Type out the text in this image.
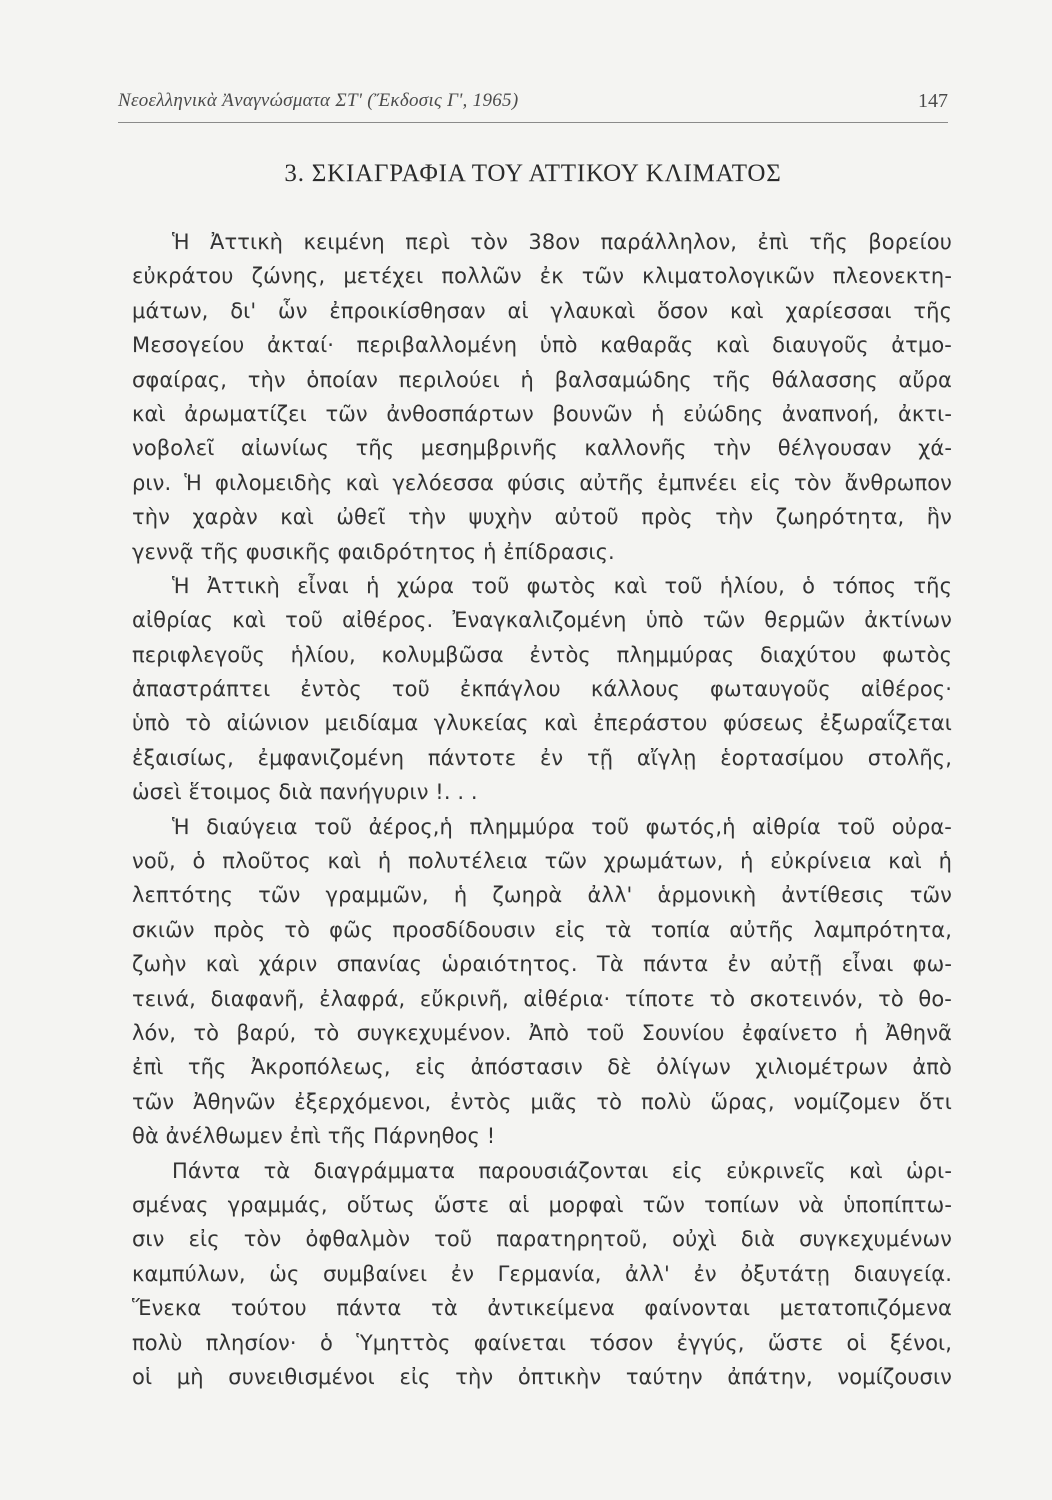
Νεοελληνικὰ Ἀναγνώσματα ΣΤ' (Ἔκδοσις Γ', 1965)	147
3. ΣΚΙΑΓΡΑΦΙΑ ΤΟΥ ΑΤΤΙΚΟΥ ΚΛΙΜΑΤΟΣ
Ἡ Ἀττικὴ κειμένη περὶ τὸν 38ον παράλληλον, ἐπὶ τῆς βορείου
εὐκράτου ζώνης, μετέχει πολλῶν ἐκ τῶν κλιματολογικῶν πλεονεκτη-
μάτων, δι' ὧν ἐπροικίσθησαν αἱ γλαυκαὶ ὅσον καὶ χαρίεσσαι τῆς
Μεσογείου ἀκταί· περιβαλλομένη ὑπὸ καθαρᾶς καὶ διαυγοῦς ἀτμο-
σφαίρας, τὴν ὁποίαν περιλούει ἡ βαλσαμώδης τῆς θάλασσης αὔρα
καὶ ἀρωματίζει τῶν ἀνθοσπάρτων βουνῶν ἡ εὐώδης ἀναπνοή, ἀκτι-
νοβολεῖ αἰωνίως τῆς μεσημβρινῆς καλλονῆς τὴν θέλγουσαν χά-
ριν. Ἡ φιλομειδὴς καὶ γελόεσσα φύσις αὐτῆς ἐμπνέει εἰς τὸν ἄνθρωπον
τὴν χαρὰν καὶ ὠθεῖ τὴν ψυχὴν αὐτοῦ πρὸς τὴν ζωηρότητα, ἣν
γεννᾷ τῆς φυσικῆς φαιδρότητος ἡ ἐπίδρασις.
Ἡ Ἀττικὴ εἶναι ἡ χώρα τοῦ φωτὸς καὶ τοῦ ἡλίου, ὁ τόπος τῆς
αἰθρίας καὶ τοῦ αἰθέρος. Ἐναγκαλιζομένη ὑπὸ τῶν θερμῶν ἀκτίνων
περιφλεγοῦς ἡλίου, κολυμβῶσα ἐντὸς πλημμύρας διαχύτου φωτὸς
ἀπαστράπτει ἐντὸς τοῦ ἐκπάγλου κάλλους φωταυγοῦς αἰθέρος·
ὑπὸ τὸ αἰώνιον μειδίαμα γλυκείας καὶ ἐπεράστου φύσεως ἐξωραΐζεται
ἐξαισίως, ἐμφανιζομένη πάντοτε ἐν τῇ αἴγλῃ ἑορτασίμου στολῆς,
ὡσεὶ ἕτοιμος διὰ πανήγυριν !. . .
Ἡ διαύγεια τοῦ ἀέρος,ἡ πλημμύρα τοῦ φωτός,ἡ αἰθρία τοῦ οὐρα-
νοῦ, ὁ πλοῦτος καὶ ἡ πολυτέλεια τῶν χρωμάτων, ἡ εὐκρίνεια καὶ ἡ
λεπτότης τῶν γραμμῶν, ἡ ζωηρὰ ἀλλ' ἁρμονικὴ ἀντίθεσις τῶν
σκιῶν πρὸς τὸ φῶς προσδίδουσιν εἰς τὰ τοπία αὐτῆς λαμπρότητα,
ζωὴν καὶ χάριν σπανίας ὡραιότητος. Τὰ πάντα ἐν αὐτῇ εἶναι φω-
τεινά, διαφανῆ, ἐλαφρά, εὔκρινῆ, αἰθέρια· τίποτε τὸ σκοτεινόν, τὸ θο-
λόν, τὸ βαρύ, τὸ συγκεχυμένον. Ἀπὸ τοῦ Σουνίου ἐφαίνετο ἡ Ἀθηνᾶ
ἐπὶ τῆς Ἀκροπόλεως, εἰς ἀπόστασιν δὲ ὀλίγων χιλιομέτρων ἀπὸ
τῶν Ἀθηνῶν ἐξερχόμενοι, ἐντὸς μιᾶς τὸ πολὺ ὥρας, νομίζομεν ὅτι
θὰ ἀνέλθωμεν ἐπὶ τῆς Πάρνηθος !
Πάντα τὰ διαγράμματα παρουσιάζονται εἰς εὐκρινεῖς καὶ ὡρι-
σμένας γραμμάς, οὕτως ὥστε αἱ μορφαὶ τῶν τοπίων νὰ ὑποπίπτω-
σιν εἰς τὸν ὀφθαλμὸν τοῦ παρατηρητοῦ, οὐχὶ διὰ συγκεχυμένων
καμπύλων, ὡς συμβαίνει ἐν Γερμανία, ἀλλ' ἐν ὀξυτάτῃ διαυγείᾳ.
Ἕνεκα τούτου πάντα τὰ ἀντικείμενα φαίνονται μετατοπιζόμενα
πολὺ πλησίον· ὁ Ὑμηττὸς φαίνεται τόσον ἐγγύς, ὥστε οἱ ξένοι,
οἱ μὴ συνειθισμένοι εἰς τὴν ὀπτικὴν ταύτην ἀπάτην, νομίζουσιν
